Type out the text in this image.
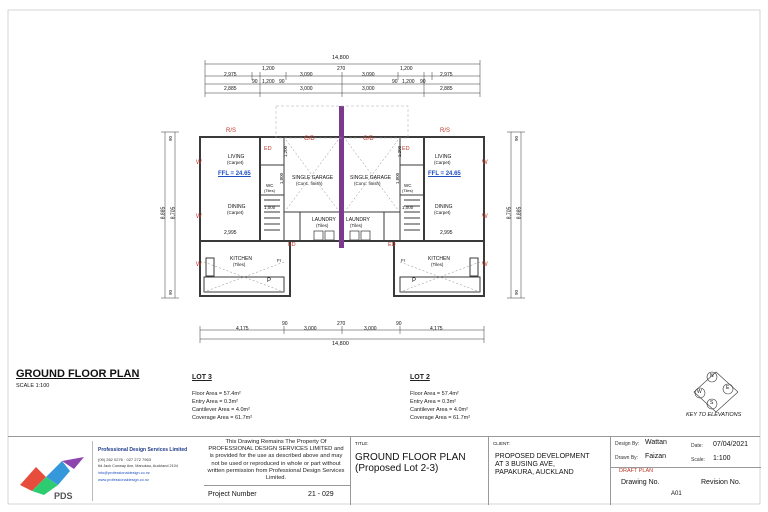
14,800
1,200	270	1,200
2,975	3,090	3,090	2,975
90 1,200 90	90 1,200 90
2,885	3,000	3,000	2,885
90	270	90
4,175	3,000	3,000	4,175
14,800
8,885 8,705
90
90
8,705 8,885
90
90
LIVING
(Carpet)
FFL = 24.65
DINING
(Carpet)
KITCHEN
(Tiles)
SINGLE GARAGE
(Conc. finish)
LAUNDRY
(Tiles)
WC
(Tiles)
LIVING
(Carpet)
FFL = 24.65
DINING
(Carpet)
KITCHEN
(Tiles)
SINGLE GARAGE
(Conc. finish)
LAUNDRY
(Tiles)
WC
(Tiles)
R/S	R/S
G/D	G/D
ED	ED
ED	ED
W
W
W
W
W
W
P	P
Fr	Fr
2,995	2,995
1,000	1,000
1,800	1,800
1,200	1,200
GROUND FLOOR PLAN
SCALE 1:100
LOT 3
Floor Area = 57.4m²
Entry Area = 0.3m²
Cantilever Area = 4.0m²
Coverage Area = 61.7m²
LOT 2
Floor Area = 57.4m²
Entry Area = 0.3m²
Cantilever Area = 4.0m²
Coverage Area = 61.7m²
N
E
S
W
KEY TO ELEVATIONS
PDS
Professional Design Services Limited
(09) 262 0276 · 027 272 7963
6d Jack Conway Ave, Manukau, Auckland 2104
info@professionaldesign.co.nz
www.professionaldesign.co.nz
This Drawing Remains The Property Of PROFESSIONAL DESIGN SERVICES LIMITED and is provided for the use as described above and may not be used or reproduced in whole or part without written permission from Professional Design Services Limited.
Project Number	21 - 029
TITLE:
GROUND FLOOR PLAN
(Proposed Lot 2-3)
CLIENT:
PROPOSED DEVELOPMENT
AT 3 BUSING AVE,
PAPAKURA, AUCKLAND
Design By: Wattan	Date: 07/04/2021
Drawn By: Faizan	Scale: 1:100
DRAFT PLAN
Drawing No.
A01
Revision No.
